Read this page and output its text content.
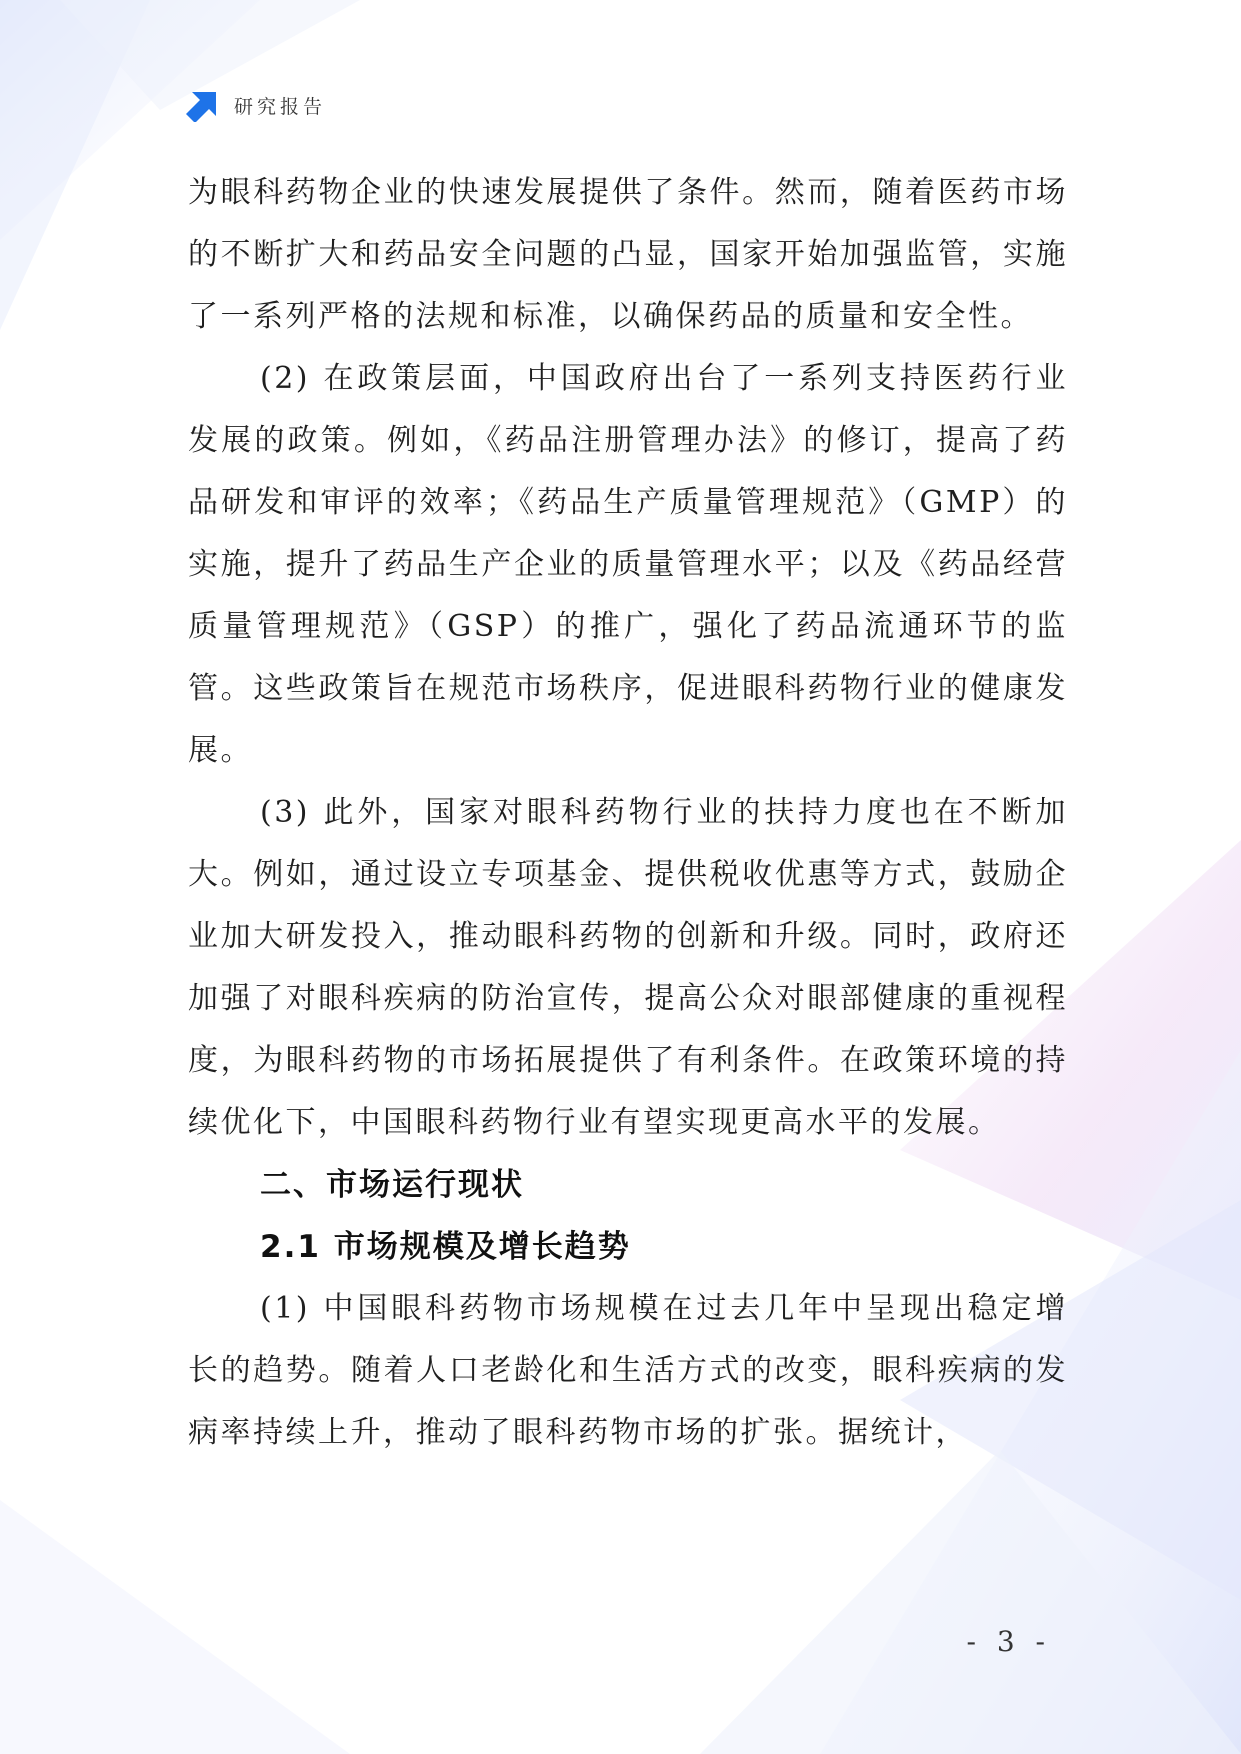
研究报告

为眼科药物企业的快速发展提供了条件。然而，随着医药市场的不断扩大和药品安全问题的凸显，国家开始加强监管，实施了一系列严格的法规和标准，以确保药品的质量和安全性。

(2) 在政策层面，中国政府出台了一系列支持医药行业发展的政策。例如，《药品注册管理办法》的修订，提高了药品研发和审评的效率；《药品生产质量管理规范》（GMP）的实施，提升了药品生产企业的质量管理水平；以及《药品经营质量管理规范》（GSP）的推广，强化了药品流通环节的监管。这些政策旨在规范市场秩序，促进眼科药物行业的健康发展。

(3) 此外，国家对眼科药物行业的扶持力度也在不断加大。例如，通过设立专项基金、提供税收优惠等方式，鼓励企业加大研发投入，推动眼科药物的创新和升级。同时，政府还加强了对眼科疾病的防治宣传，提高公众对眼部健康的重视程度，为眼科药物的市场拓展提供了有利条件。在政策环境的持续优化下，中国眼科药物行业有望实现更高水平的发展。

二、市场运行现状
2.1 市场规模及增长趋势

(1) 中国眼科药物市场规模在过去几年中呈现出稳定增长的趋势。随着人口老龄化和生活方式的改变，眼科疾病的发病率持续上升，推动了眼科药物市场的扩张。据统计，

- 3 -
